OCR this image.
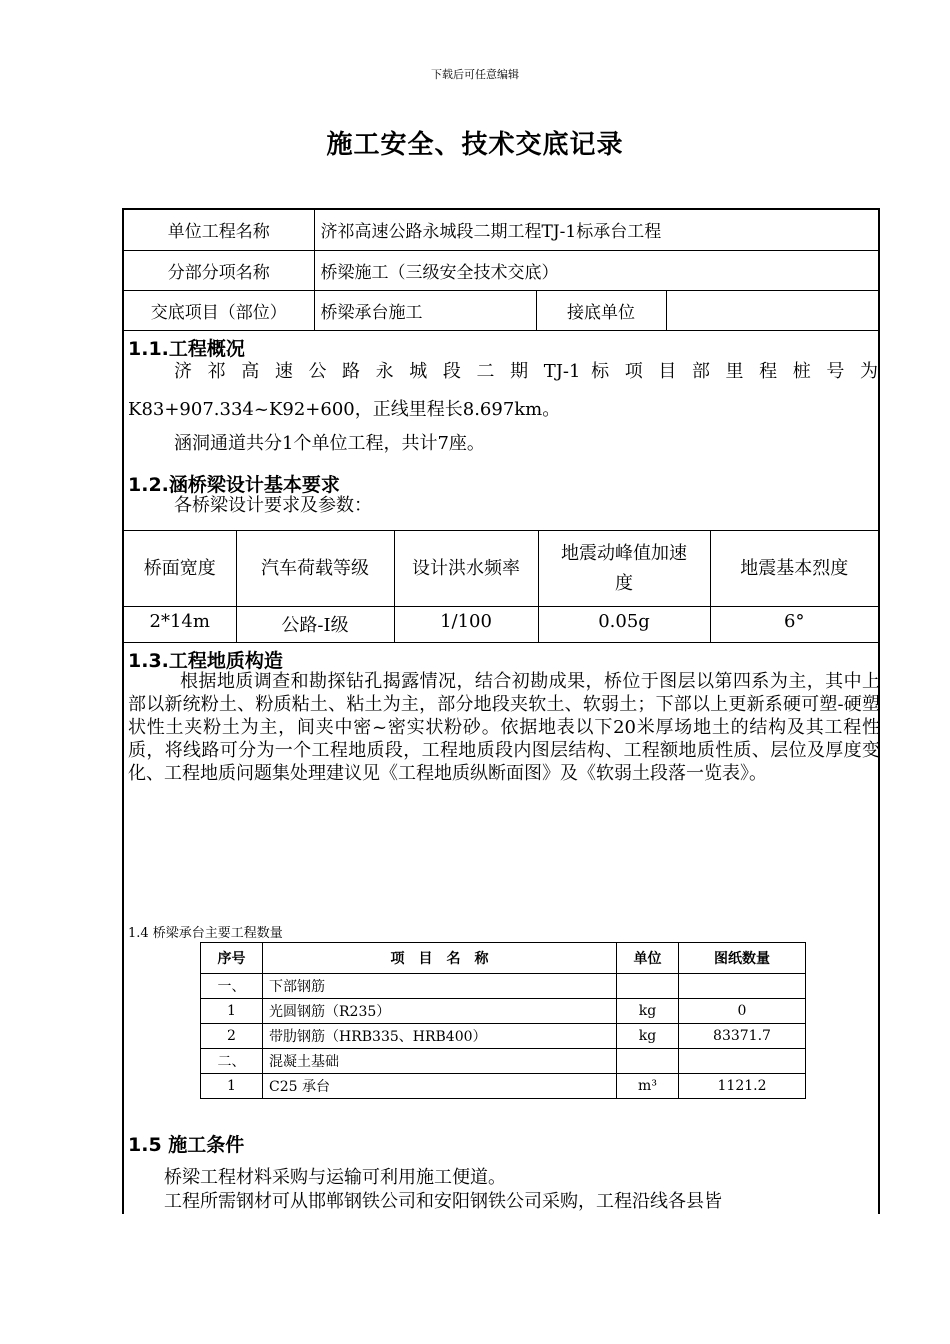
下载后可任意编辑
施工安全、技术交底记录
单位工程名称	济祁高速公路永城段二期工程TJ-1标承台工程		
分部分项名称	桥梁施工（三级安全技术交底）		
交底项目（部位）	桥梁承台施工	接底单位	
1.1.工程概况
济 祁 高 速 公 路 永 城 段 二 期 TJ-1 标 项 目 部 里 程 桩 号 为
K83+907.334~K92+600，正线里程长8.697km。
涵洞通道共分1个单位工程，共计7座。
1.2.涵桥梁设计基本要求
各桥梁设计要求及参数：
桥面宽度	汽车荷载等级	设计洪水频率	地震动峰值加速度	地震基本烈度
2*14m	公路-Ⅰ级	1/100	0.05g	6°
1.3.工程地质构造
根据地质调查和勘探钻孔揭露情况，结合初勘成果，桥位于图层以第四系为主，其中上部以新统粉土、粉质粘土、粘土为主，部分地段夹软土、软弱土；下部以上更新系硬可塑-硬塑状性土夹粉土为主，间夹中密~密实状粉砂。依据地表以下20米厚场地土的结构及其工程性质，将线路可分为一个工程地质段，工程地质段内图层结构、工程额地质性质、层位及厚度变化、工程地质问题集处理建议见《工程地质纵断面图》及《软弱土段落一览表》。
1.4 桥梁承台主要工程数量
序号	项　目　名　称	单位	图纸数量
一、	下部钢筋		
1	光圆钢筋（R235）	kg	0
2	带肋钢筋（HRB335、HRB400）	kg	83371.7
二、	混凝土基础		
1	C25 承台	m³	1121.2
1.5 施工条件
桥梁工程材料采购与运输可利用施工便道。
工程所需钢材可从邯郸钢铁公司和安阳钢铁公司采购，工程沿线各县皆
